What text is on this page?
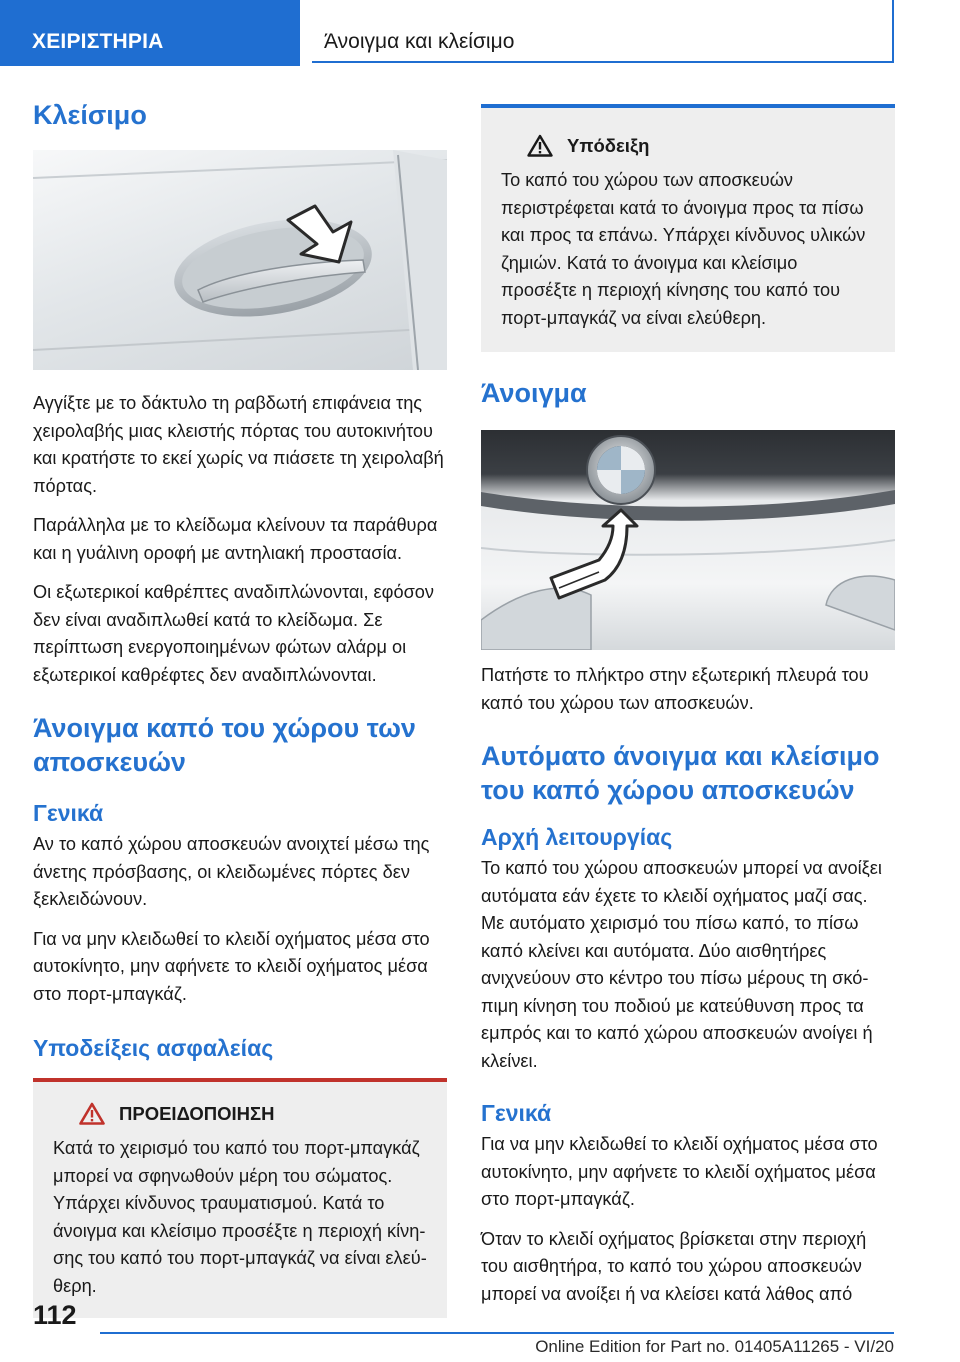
ΧΕΙΡΙΣΤΗΡΙΑ	Άνοιγμα και κλείσιμο
Κλείσιμο

Αγγίξτε με το δάκτυλο τη ραβδωτή επιφάνεια της χειρολαβής μιας κλειστής πόρτας του αυτοκινήτου και κρατήστε το εκεί χωρίς να πιάσετε τη χειρολαβή πόρτας.

Παράλληλα με το κλείδωμα κλείνουν τα παράθυρα και η γυάλινη οροφή με αντηλιακή προστασία.

Οι εξωτερικοί καθρέπτες αναδιπλώνονται, εφόσον δεν είναι αναδιπλωθεί κατά το κλείδωμα. Σε περίπτωση ενεργοποιημένων φώτων αλάρμ οι εξωτερικοί καθρέφτες δεν αναδιπλώνονται.

Άνοιγμα καπό του χώρου των αποσκευών
Γενικά

Αν το καπό χώρου αποσκευών ανοιχτεί μέσω της άνετης πρόσβασης, οι κλειδωμένες πόρτες δεν ξεκλειδώνουν.

Για να μην κλειδωθεί το κλειδί οχήματος μέσα στο αυτοκίνητο, μην αφήνετε το κλειδί οχήματος μέσα στο πορτ-μπαγκάζ.

Υποδείξεις ασφαλείας
ΠΡΟΕΙΔΟΠΟΙΗΣΗ

Κατά το χειρισμό του καπό του πορτ-μπαγκάζ μπορεί να σφηνωθούν μέρη του σώματος. Υπάρχει κίνδυνος τραυματισμού. Κατά το άνοιγμα και κλείσιμο προσέξτε η περιοχή κίνησης του καπό του πορτ-μπαγκάζ να είναι ελεύθερη.

Υπόδειξη

Το καπό του χώρου των αποσκευών περιστρέφεται κατά το άνοιγμα προς τα πίσω και προς τα επάνω. Υπάρχει κίνδυνος υλικών ζημιών. Κατά το άνοιγμα και κλείσιμο προσέξτε η περιοχή κίνησης του καπό του πορτ-μπαγκάζ να είναι ελεύθερη.

Άνοιγμα

Πατήστε το πλήκτρο στην εξωτερική πλευρά του καπό του χώρου των αποσκευών.

Αυτόματο άνοιγμα και κλείσιμο του καπό χώρου αποσκευών
Αρχή λειτουργίας

Το καπό του χώρου αποσκευών μπορεί να ανοίξει αυτόματα εάν έχετε το κλειδί οχήματος μαζί σας. Με αυτόματο χειρισμό του πίσω καπό, το πίσω καπό κλείνει και αυτόματα. Δύο αισθητήρες ανιχνεύουν στο κέντρο του πίσω μέρους τη σκόπιμη κίνηση του ποδιού με κατεύθυνση προς τα εμπρός και το καπό χώρου αποσκευών ανοίγει ή κλείνει.

Γενικά

Για να μην κλειδωθεί το κλειδί οχήματος μέσα στο αυτοκίνητο, μην αφήνετε το κλειδί οχήματος μέσα στο πορτ-μπαγκάζ.

Όταν το κλειδί οχήματος βρίσκεται στην περιοχή του αισθητήρα, το καπό του χώρου αποσκευών μπορεί να ανοίξει ή να κλείσει κατά λάθος από

112
Online Edition for Part no. 01405A11265 - VI/20
